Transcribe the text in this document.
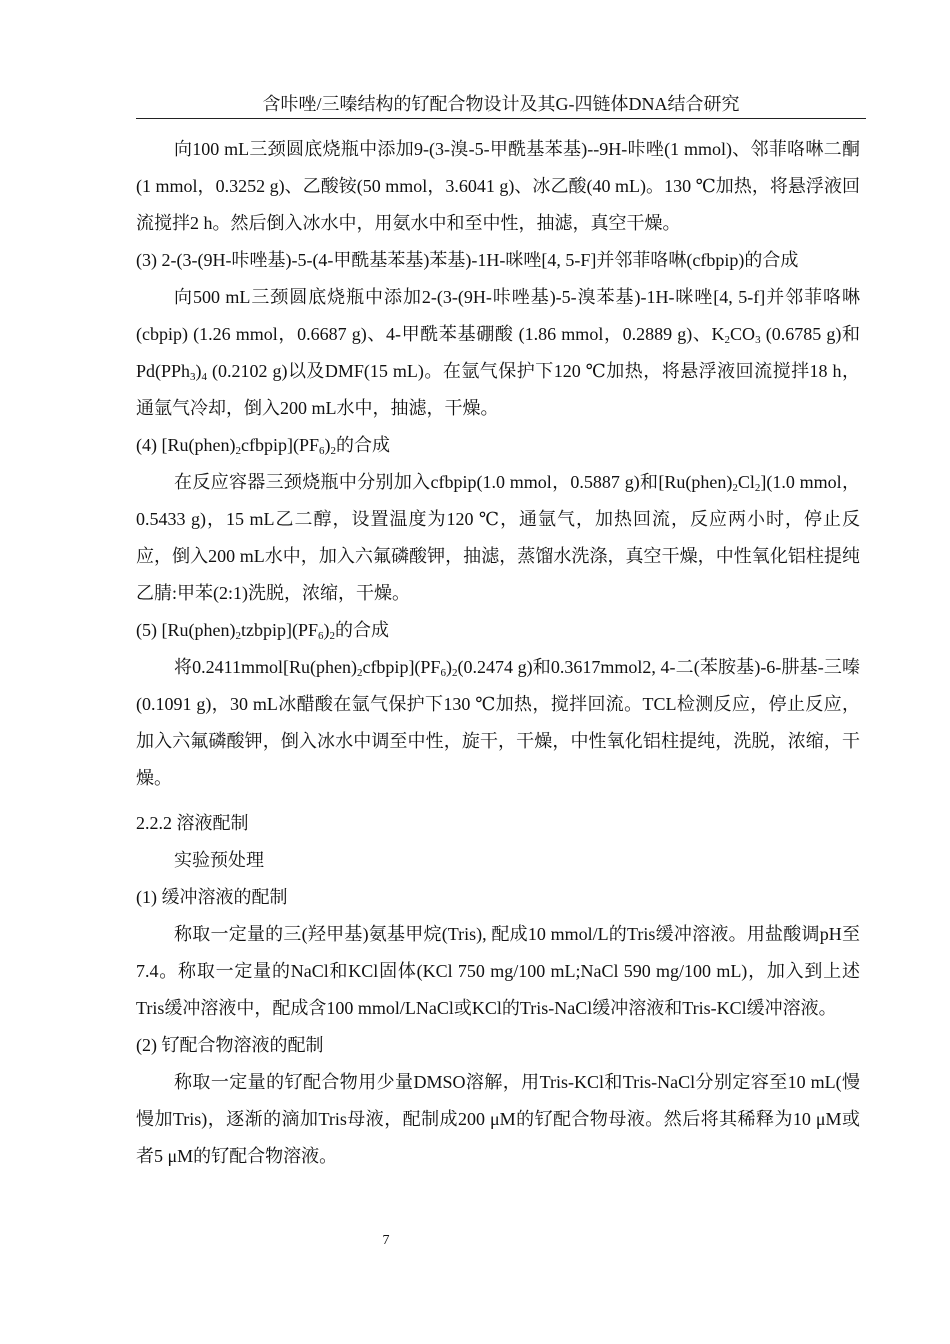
含咔唑/三嗪结构的钌配合物设计及其G-四链体DNA结合研究

向100 mL三颈圆底烧瓶中添加9-(3-溴-5-甲酰基苯基)--9H-咔唑(1 mmol)、邻菲咯啉二酮(1 mmol，0.3252 g)、乙酸铵(50 mmol，3.6041 g)、冰乙酸(40 mL)。130 ℃加热，将悬浮液回流搅拌2 h。然后倒入冰水中，用氨水中和至中性，抽滤，真空干燥。

(3) 2-(3-(9H-咔唑基)-5-(4-甲酰基苯基)苯基)-1H-咪唑[4, 5-F]并邻菲咯啉(cfbpip)的合成

向500 mL三颈圆底烧瓶中添加2-(3-(9H-咔唑基)-5-溴苯基)-1H-咪唑[4, 5-f]并邻菲咯啉(cbpip) (1.26 mmol，0.6687 g)、4-甲酰苯基硼酸 (1.86 mmol，0.2889 g)、$K_2CO_3$ (0.6785 g)和$Pd(PPh_3)_4$ (0.2102 g)以及DMF(15 mL)。在氩气保护下120 ℃加热，将悬浮液回流搅拌18 h，通氩气冷却，倒入200 mL水中，抽滤，干燥。

(4) $[Ru(phen)_2cfbpip](PF_6)_2$的合成

在反应容器三颈烧瓶中分别加入cfbpip(1.0 mmol，0.5887 g)和$[Ru(phen)_2Cl_2](1.0$ mmol，0.5433 g)，15 mL乙二醇，设置温度为120 ℃，通氩气，加热回流，反应两小时，停止反应，倒入200 mL水中，加入六氟磷酸钾，抽滤，蒸馏水洗涤，真空干燥，中性氧化铝柱提纯乙腈:甲苯(2:1)洗脱，浓缩，干燥。

(5) $[Ru(phen)_2tzbpip](PF_6)_2$的合成

将$0.2411mmol[Ru(phen)_2cfbpip](PF_6)_2(0.2474$ g)和0.3617mmol2, 4-二(苯胺基)-6-肼基-三嗪(0.1091 g)，30 mL冰醋酸在氩气保护下130 ℃加热，搅拌回流。TCL检测反应，停止反应，加入六氟磷酸钾，倒入冰水中调至中性，旋干，干燥，中性氧化铝柱提纯，洗脱，浓缩，干燥。

2.2.2 溶液配制

实验预处理

(1) 缓冲溶液的配制

称取一定量的三(羟甲基)氨基甲烷(Tris), 配成10 mmol/L的Tris缓冲溶液。用盐酸调pH至7.4。称取一定量的NaCl和KCl固体(KCl 750 mg/100 mL;NaCl 590 mg/100 mL)，加入到上述Tris缓冲溶液中，配成含100 mmol/LNaCl或KCl的Tris-NaCl缓冲溶液和Tris-KCl缓冲溶液。

(2) 钌配合物溶液的配制

称取一定量的钌配合物用少量DMSO溶解，用Tris-KCl和Tris-NaCl分别定容至10 mL(慢慢加Tris)，逐渐的滴加Tris母液，配制成200 μM的钌配合物母液。然后将其稀释为10 μM或者5 μM的钌配合物溶液。

7
